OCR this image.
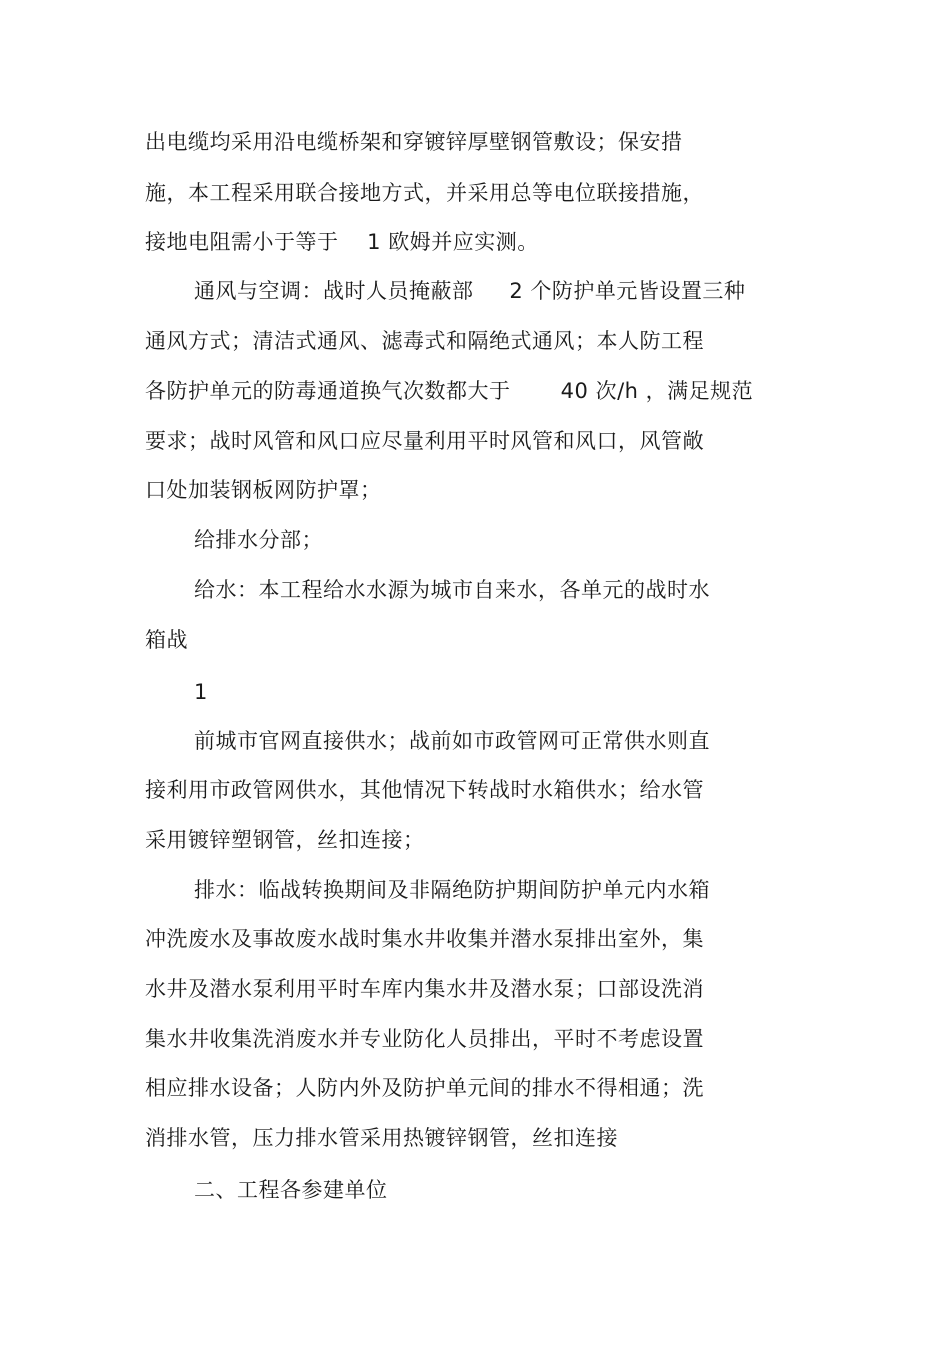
出电缆均采用沿电缆桥架和穿镀锌厚壁钢管敷设；保安措
施，本工程采用联合接地方式，并采用总等电位联接措施，
接地电阻需小于等于 　1 欧姆并应实测。
通风与空调：战时人员掩蔽部 　 2 个防护单元皆设置三种
通风方式；清洁式通风、滤毒式和隔绝式通风；本人防工程
各防护单元的防毒通道换气次数都大于 　　40 次/h ，满足规范
要求；战时风管和风口应尽量利用平时风管和风口，风管敞
口处加装钢板网防护罩；
给排水分部；
给水：本工程给水水源为城市自来水，各单元的战时水
箱战
1
前城市官网直接供水；战前如市政管网可正常供水则直
接利用市政管网供水，其他情况下转战时水箱供水；给水管
采用镀锌塑钢管，丝扣连接；
排水：临战转换期间及非隔绝防护期间防护单元内水箱
冲洗废水及事故废水战时集水井收集并潜水泵排出室外，集
水井及潜水泵利用平时车库内集水井及潜水泵；口部设洗消
集水井收集洗消废水并专业防化人员排出，平时不考虑设置
相应排水设备；人防内外及防护单元间的排水不得相通；洗
消排水管，压力排水管采用热镀锌钢管，丝扣连接
二、工程各参建单位
